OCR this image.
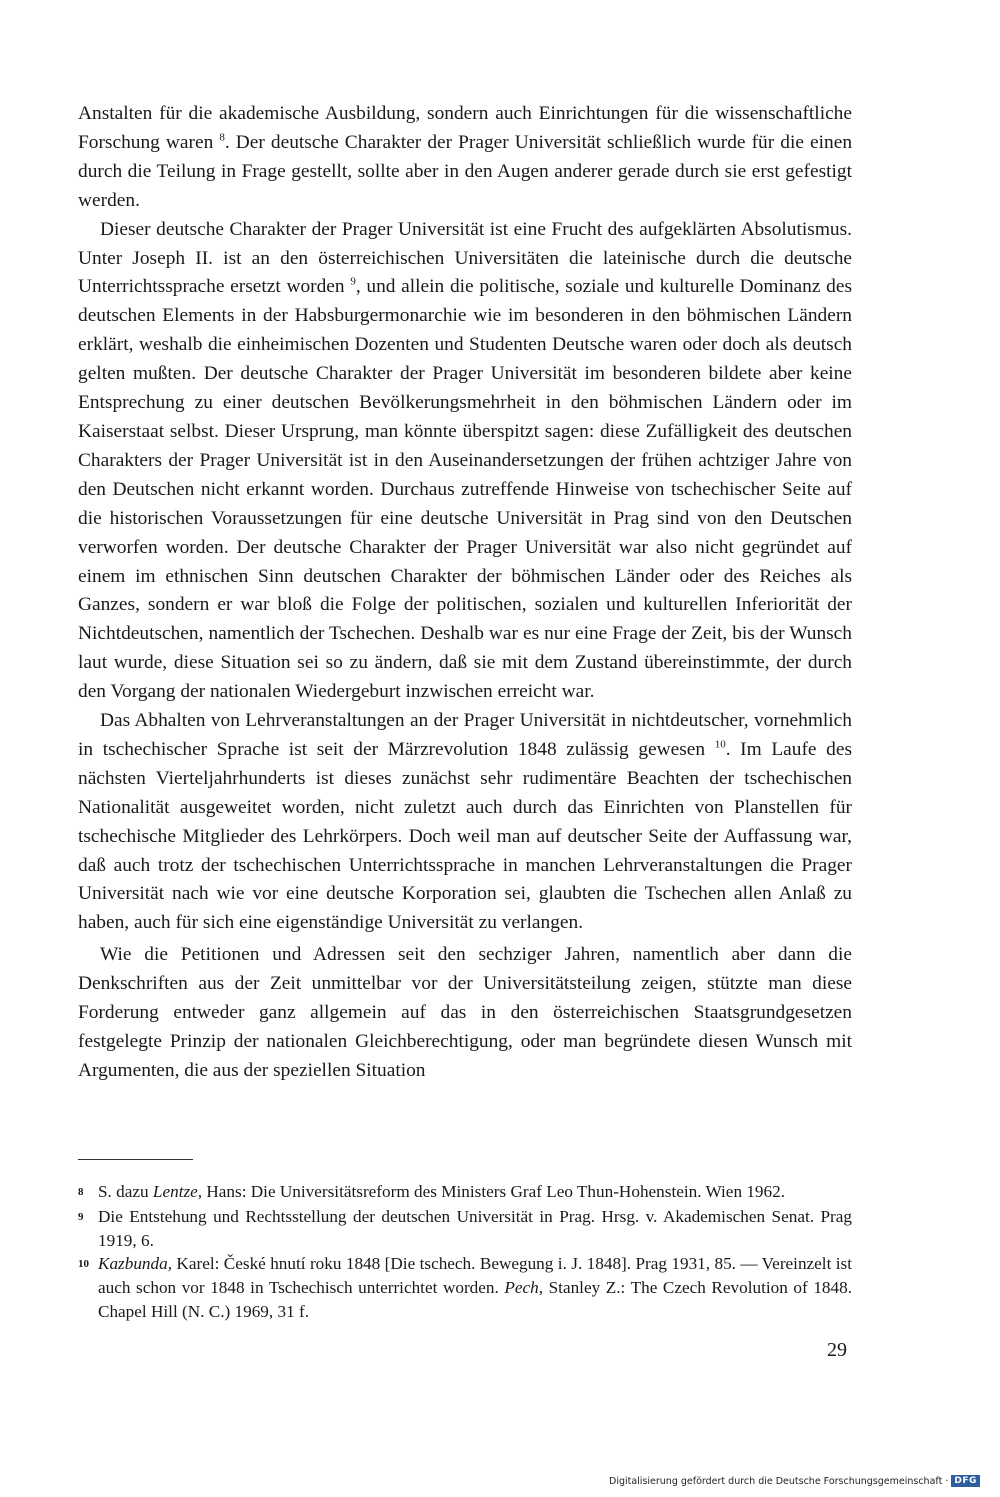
Anstalten für die akademische Ausbildung, sondern auch Einrichtungen für die wissenschaftliche Forschung waren $^8$. Der deutsche Charakter der Prager Universität schließlich wurde für die einen durch die Teilung in Frage gestellt, sollte aber in den Augen anderer gerade durch sie erst gefestigt werden.

Dieser deutsche Charakter der Prager Universität ist eine Frucht des aufgeklärten Absolutismus. Unter Joseph II. ist an den österreichischen Universitäten die lateinische durch die deutsche Unterrichtssprache ersetzt worden $^9$, und allein die politische, soziale und kulturelle Dominanz des deutschen Elements in der Habsburgermonarchie wie im besonderen in den böhmischen Ländern erklärt, weshalb die einheimischen Dozenten und Studenten Deutsche waren oder doch als deutsch gelten mußten. Der deutsche Charakter der Prager Universität im besonderen bildete aber keine Entsprechung zu einer deutschen Bevölkerungsmehrheit in den böhmischen Ländern oder im Kaiserstaat selbst. Dieser Ursprung, man könnte überspitzt sagen: diese Zufälligkeit des deutschen Charakters der Prager Universität ist in den Auseinandersetzungen der frühen achtziger Jahre von den Deutschen nicht erkannt worden. Durchaus zutreffende Hinweise von tschechischer Seite auf die historischen Voraussetzungen für eine deutsche Universität in Prag sind von den Deutschen verworfen worden. Der deutsche Charakter der Prager Universität war also nicht gegründet auf einem im ethnischen Sinn deutschen Charakter der böhmischen Länder oder des Reiches als Ganzes, sondern er war bloß die Folge der politischen, sozialen und kulturellen Inferiorität der Nichtdeutschen, namentlich der Tschechen. Deshalb war es nur eine Frage der Zeit, bis der Wunsch laut wurde, diese Situation sei so zu ändern, daß sie mit dem Zustand übereinstimmte, der durch den Vorgang der nationalen Wiedergeburt inzwischen erreicht war.

Das Abhalten von Lehrveranstaltungen an der Prager Universität in nichtdeutscher, vornehmlich in tschechischer Sprache ist seit der Märzrevolution 1848 zulässig gewesen $^{10}$. Im Laufe des nächsten Vierteljahrhunderts ist dieses zunächst sehr rudimentäre Beachten der tschechischen Nationalität ausgeweitet worden, nicht zuletzt auch durch das Einrichten von Planstellen für tschechische Mitglieder des Lehrkörpers. Doch weil man auf deutscher Seite der Auffassung war, daß auch trotz der tschechischen Unterrichtssprache in manchen Lehrveranstaltungen die Prager Universität nach wie vor eine deutsche Korporation sei, glaubten die Tschechen allen Anlaß zu haben, auch für sich eine eigenständige Universität zu verlangen.

Wie die Petitionen und Adressen seit den sechziger Jahren, namentlich aber dann die Denkschriften aus der Zeit unmittelbar vor der Universitätsteilung zeigen, stützte man diese Forderung entweder ganz allgemein auf das in den österreichischen Staatsgrundgesetzen festgelegte Prinzip der nationalen Gleichberechtigung, oder man begründete diesen Wunsch mit Argumenten, die aus der speziellen Situation

8 S. dazu Lentze, Hans: Die Universitätsreform des Ministers Graf Leo Thun-Hohenstein. Wien 1962.
9 Die Entstehung und Rechtsstellung der deutschen Universität in Prag. Hrsg. v. Akademischen Senat. Prag 1919, 6.
10 Kazbunda, Karel: České hnutí roku 1848 [Die tschech. Bewegung i. J. 1848]. Prag 1931, 85. — Vereinzelt ist auch schon vor 1848 in Tschechisch unterrichtet worden. Pech, Stanley Z.: The Czech Revolution of 1848. Chapel Hill (N. C.) 1969, 31 f.
29
Digitalisierung gefördert durch die Deutsche Forschungsgemeinschaft · DFG
